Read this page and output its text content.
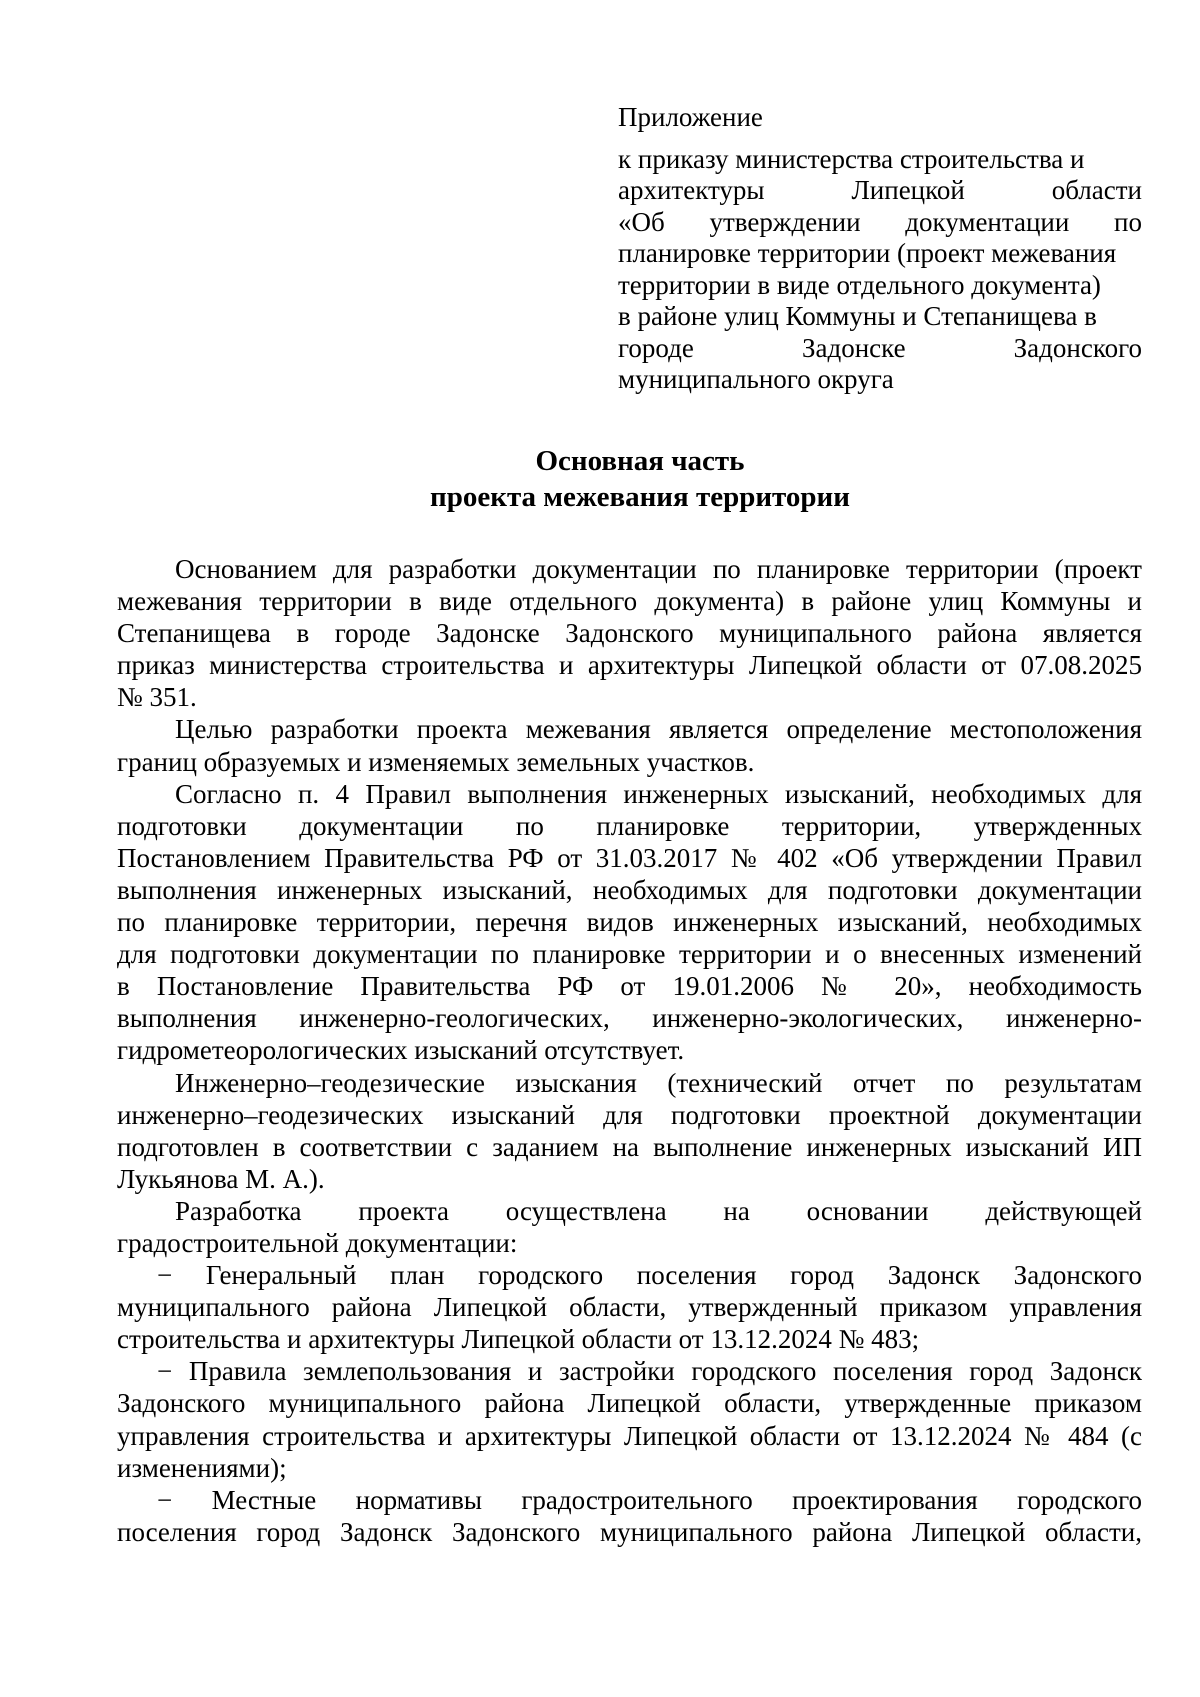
Приложение
к приказу министерства строительства и
архитектуры Липецкой области
«Об утверждении документации по
планировке территории (проект межевания
территории в виде отдельного документа)
в районе улиц Коммуны и Степанищева в
городе Задонске Задонского
муниципального округа
Основная часть
проекта межевания территории

Основанием для разработки документации по планировке территории (проект
межевания территории в виде отдельного документа) в районе улиц Коммуны и
Степанищева в городе Задонске Задонского муниципального района является
приказ министерства строительства и архитектуры Липецкой области от 07.08.2025
№ 351.

Целью разработки проекта межевания является определение местоположения
границ образуемых и изменяемых земельных участков.

Согласно п. 4 Правил выполнения инженерных изысканий, необходимых для
подготовки документации по планировке территории, утвержденных
Постановлением Правительства РФ от 31.03.2017 № 402 «Об утверждении Правил
выполнения инженерных изысканий, необходимых для подготовки документации
по планировке территории, перечня видов инженерных изысканий, необходимых
для подготовки документации по планировке территории и о внесенных изменений
в Постановление Правительства РФ от 19.01.2006 № 20», необходимость
выполнения инженерно-геологических, инженерно-экологических, инженерно-
гидрометеорологических изысканий отсутствует.

Инженерно–геодезические изыскания (технический отчет по результатам
инженерно–геодезических изысканий для подготовки проектной документации
подготовлен в соответствии с заданием на выполнение инженерных изысканий ИП
Лукьянова М. А.).

Разработка проекта осуществлена на основании действующей
градостроительной документации:

− Генеральный план городского поселения город Задонск Задонского
муниципального района Липецкой области, утвержденный приказом управления
строительства и архитектуры Липецкой области от 13.12.2024 № 483;

− Правила землепользования и застройки городского поселения город Задонск
Задонского муниципального района Липецкой области, утвержденные приказом
управления строительства и архитектуры Липецкой области от 13.12.2024 № 484 (с
изменениями);

− Местные нормативы градостроительного проектирования городского
поселения город Задонск Задонского муниципального района Липецкой области,
